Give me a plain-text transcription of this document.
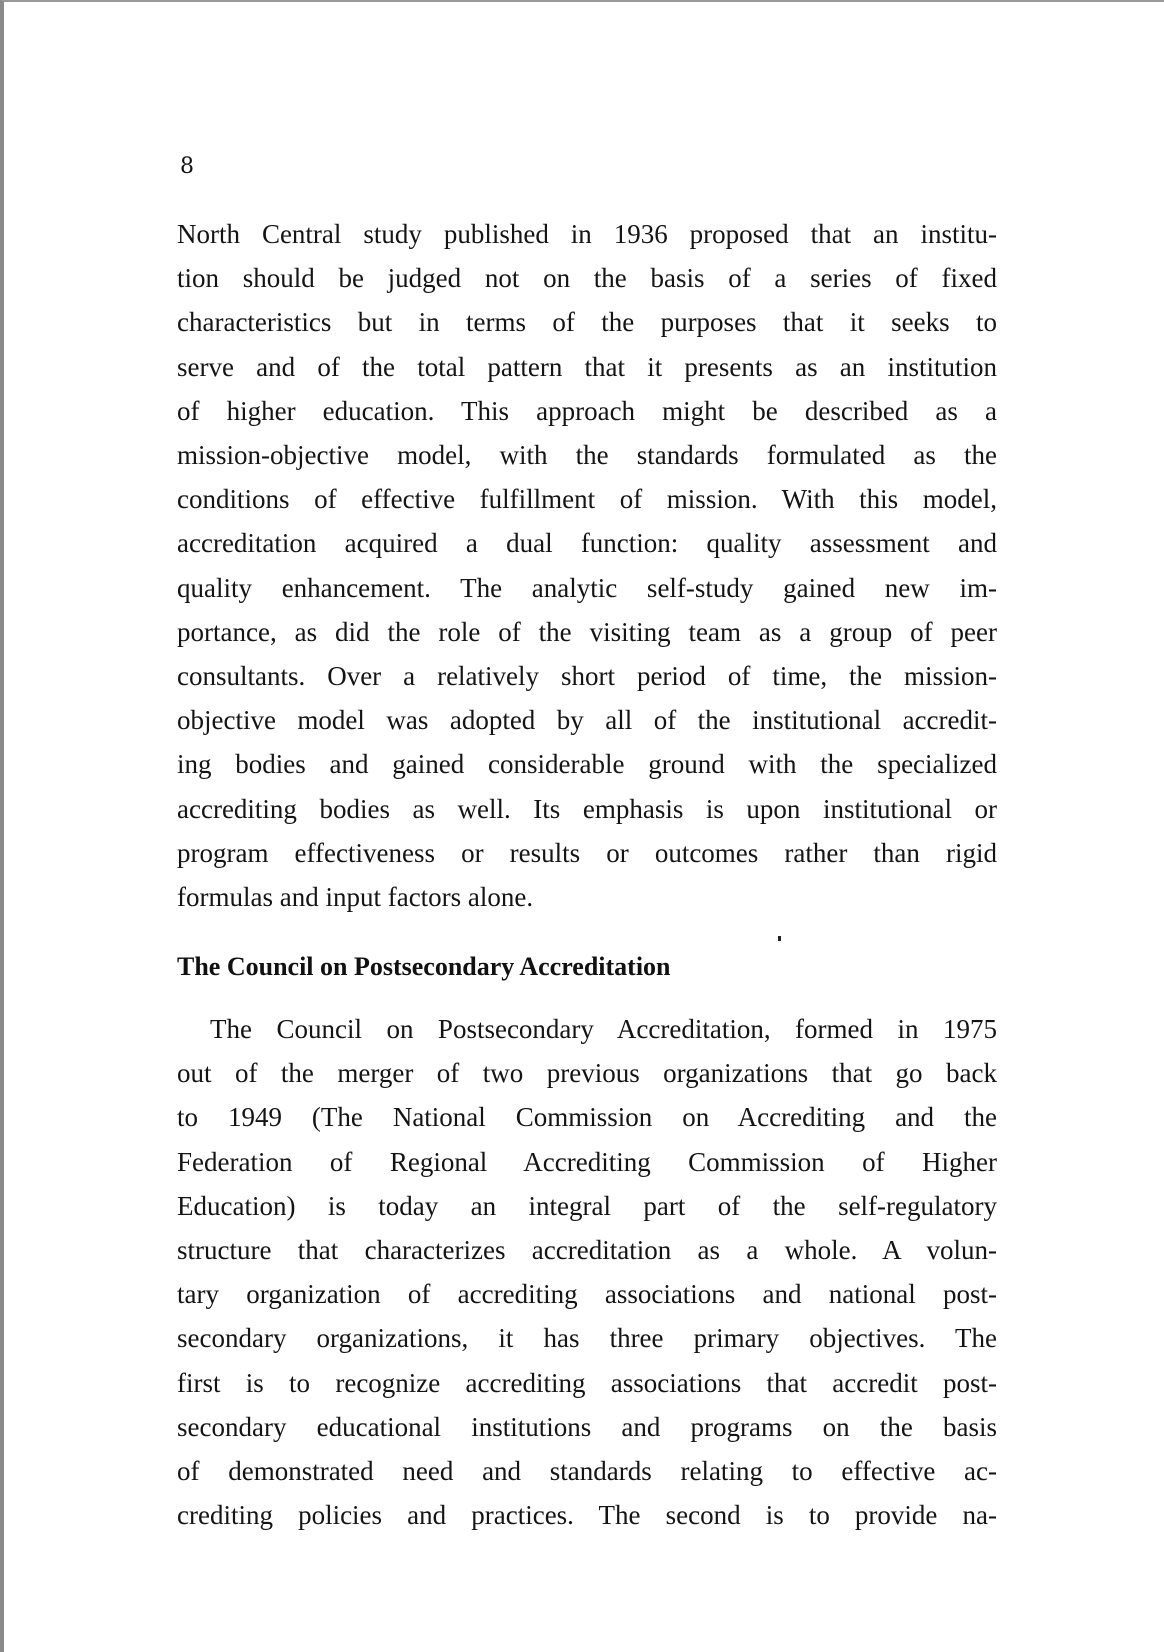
8
North Central study published in 1936 proposed that an institu-
tion should be judged not on the basis of a series of fixed
characteristics but in terms of the purposes that it seeks to
serve and of the total pattern that it presents as an institution
of higher education. This approach might be described as a
mission-objective model, with the standards formulated as the
conditions of effective fulfillment of mission. With this model,
accreditation acquired a dual function: quality assessment and
quality enhancement. The analytic self-study gained new im-
portance, as did the role of the visiting team as a group of peer
consultants. Over a relatively short period of time, the mission-
objective model was adopted by all of the institutional accredit-
ing bodies and gained considerable ground with the specialized
accrediting bodies as well. Its emphasis is upon institutional or
program effectiveness or results or outcomes rather than rigid
formulas and input factors alone.
The Council on Postsecondary Accreditation
The Council on Postsecondary Accreditation, formed in 1975
out of the merger of two previous organizations that go back
to 1949 (The National Commission on Accrediting and the
Federation of Regional Accrediting Commission of Higher
Education) is today an integral part of the self-regulatory
structure that characterizes accreditation as a whole. A volun-
tary organization of accrediting associations and national post-
secondary organizations, it has three primary objectives. The
first is to recognize accrediting associations that accredit post-
secondary educational institutions and programs on the basis
of demonstrated need and standards relating to effective ac-
crediting policies and practices. The second is to provide na-
